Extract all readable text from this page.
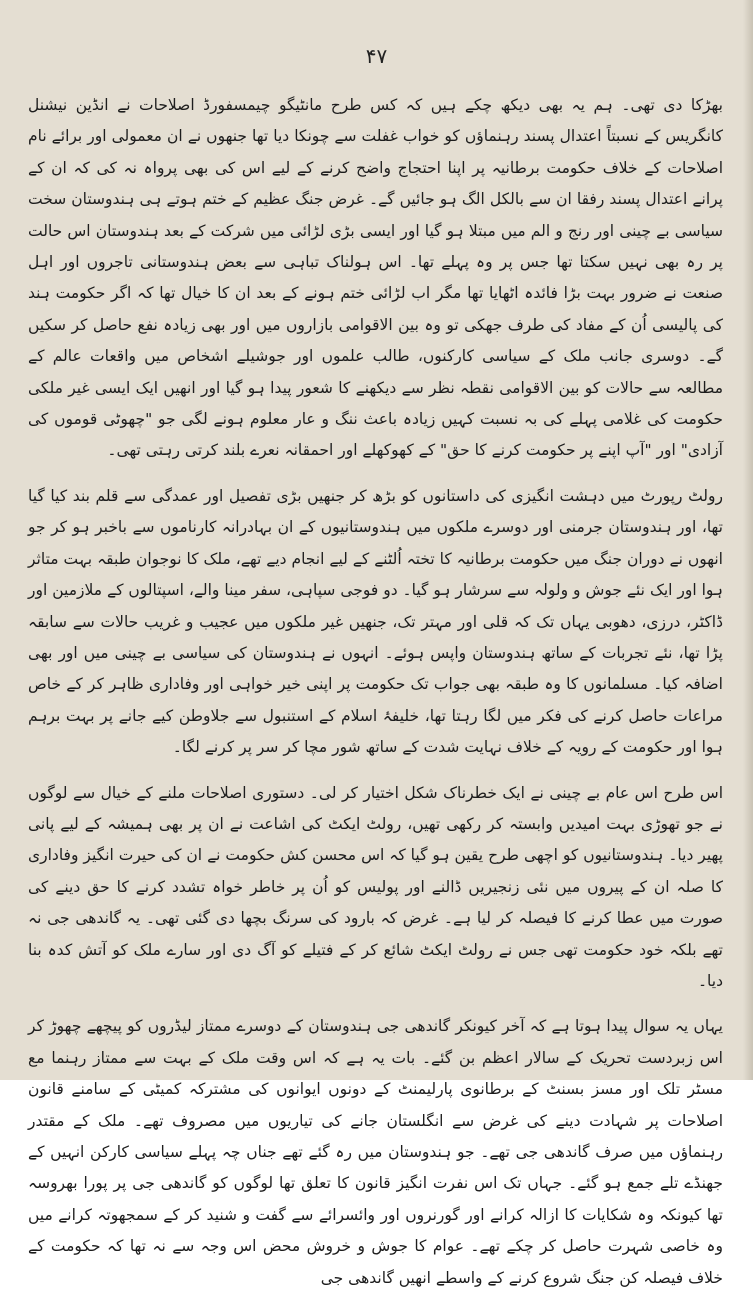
۴۷

بھڑکا دی تھی۔ ہم یہ بھی دیکھ چکے ہیں کہ کس طرح مانٹیگو چیمسفورڈ اصلاحات نے انڈین نیشنل کانگریس کے نسبتاً اعتدال پسند رہنماؤں کو خواب غفلت سے چونکا دیا تھا جنھوں نے ان معمولی اور برائے نام اصلاحات کے خلاف حکومت برطانیہ پر اپنا احتجاج واضح کرنے کے لیے اس کی بھی پرواہ نہ کی کہ ان کے پرانے اعتدال پسند رفقا ان سے بالکل الگ ہو جائیں گے۔ غرض جنگ عظیم کے ختم ہوتے ہی ہندوستان سخت سیاسی بے چینی اور رنج و الم میں مبتلا ہو گیا اور ایسی بڑی لڑائی میں شرکت کے بعد ہندوستان اس حالت پر رہ بھی نہیں سکتا تھا جس پر وہ پہلے تھا۔ اس ہولناک تباہی سے بعض ہندوستانی تاجروں اور اہل صنعت نے ضرور بہت بڑا فائدہ اٹھایا تھا مگر اب لڑائی ختم ہونے کے بعد ان کا خیال تھا کہ اگر حکومت ہند کی پالیسی اُن کے مفاد کی طرف جھکی تو وہ بین الاقوامی بازاروں میں اور بھی زیادہ نفع حاصل کر سکیں گے۔ دوسری جانب ملک کے سیاسی کارکنوں، طالب علموں اور جوشیلے اشخاص میں واقعات عالم کے مطالعہ سے حالات کو بین الاقوامی نقطہ نظر سے دیکھنے کا شعور پیدا ہو گیا اور انھیں ایک ایسی غیر ملکی حکومت کی غلامی پہلے کی بہ نسبت کہیں زیادہ باعث ننگ و عار معلوم ہونے لگی جو "چھوٹی قوموں کی آزادی" اور "آپ اپنے پر حکومت کرنے کا حق" کے کھوکھلے اور احمقانہ نعرے بلند کرتی رہتی تھی۔

رولٹ رپورٹ میں دہشت انگیزی کی داستانوں کو بڑھ کر جنھیں بڑی تفصیل اور عمدگی سے قلم بند کیا گیا تھا، اور ہندوستان جرمنی اور دوسرے ملکوں میں ہندوستانیوں کے ان بہادرانہ کارناموں سے باخبر ہو کر جو انھوں نے دوران جنگ میں حکومت برطانیہ کا تختہ اُلٹنے کے لیے انجام دیے تھے، ملک کا نوجوان طبقہ بہت متاثر ہوا اور ایک نئے جوش و ولولہ سے سرشار ہو گیا۔ دو فوجی سپاہی، سفر مینا والے، اسپتالوں کے ملازمین اور ڈاکٹر، درزی، دھوبی یہاں تک کہ قلی اور مہتر تک، جنھیں غیر ملکوں میں عجیب و غریب حالات سے سابقہ پڑا تھا، نئے تجربات کے ساتھ ہندوستان واپس ہوئے۔ انہوں نے ہندوستان کی سیاسی بے چینی میں اور بھی اضافہ کیا۔ مسلمانوں کا وہ طبقہ بھی جواب تک حکومت پر اپنی خیر خواہی اور وفاداری ظاہر کر کے خاص مراعات حاصل کرنے کی فکر میں لگا رہتا تھا، خلیفۂ اسلام کے استنبول سے جلاوطن کیے جانے پر بہت برہم ہوا اور حکومت کے رویہ کے خلاف نہایت شدت کے ساتھ شور مچا کر سر پر کرنے لگا۔

اس طرح اس عام بے چینی نے ایک خطرناک شکل اختیار کر لی۔ دستوری اصلاحات ملنے کے خیال سے لوگوں نے جو تھوڑی بہت امیدیں وابستہ کر رکھی تھیں، رولٹ ایکٹ کی اشاعت نے ان پر بھی ہمیشہ کے لیے پانی پھیر دیا۔ ہندوستانیوں کو اچھی طرح یقین ہو گیا کہ اس محسن کش حکومت نے ان کی حیرت انگیز وفاداری کا صلہ ان کے پیروں میں نئی زنجیریں ڈالنے اور پولیس کو اُن پر خاطر خواہ تشدد کرنے کا حق دینے کی صورت میں عطا کرنے کا فیصلہ کر لیا ہے۔ غرض کہ بارود کی سرنگ بچھا دی گئی تھی۔ یہ گاندھی جی نہ تھے بلکہ خود حکومت تھی جس نے رولٹ ایکٹ شائع کر کے فتیلے کو آگ دی اور سارے ملک کو آتش کدہ بنا دیا۔

یہاں یہ سوال پیدا ہوتا ہے کہ آخر کیونکر گاندھی جی ہندوستان کے دوسرے ممتاز لیڈروں کو پیچھے چھوڑ کر اس زبردست تحریک کے سالار اعظم بن گئے۔ بات یہ ہے کہ اس وقت ملک کے بہت سے ممتاز رہنما مع مسٹر تلک اور مسز بسنٹ کے برطانوی پارلیمنٹ کے دونوں ایوانوں کی مشترکہ کمیٹی کے سامنے قانون اصلاحات پر شہادت دینے کی غرض سے انگلستان جانے کی تیاریوں میں مصروف تھے۔ ملک کے مقتدر رہنماؤں میں صرف گاندھی جی تھے۔ جو ہندوستان میں رہ گئے تھے جناں چہ پہلے سیاسی کارکن انہیں کے جھنڈے تلے جمع ہو گئے۔ جہاں تک اس نفرت انگیز قانون کا تعلق تھا لوگوں کو گاندھی جی پر پورا بھروسہ تھا کیونکہ وہ شکایات کا ازالہ کرانے اور گورنروں اور وائسرائے سے گفت و شنید کر کے سمجھوتہ کرانے میں وہ خاصی شہرت حاصل کر چکے تھے۔ عوام کا جوش و خروش محض اس وجہ سے نہ تھا کہ حکومت کے خلاف فیصلہ کن جنگ شروع کرنے کے واسطے انھیں گاندھی جی
